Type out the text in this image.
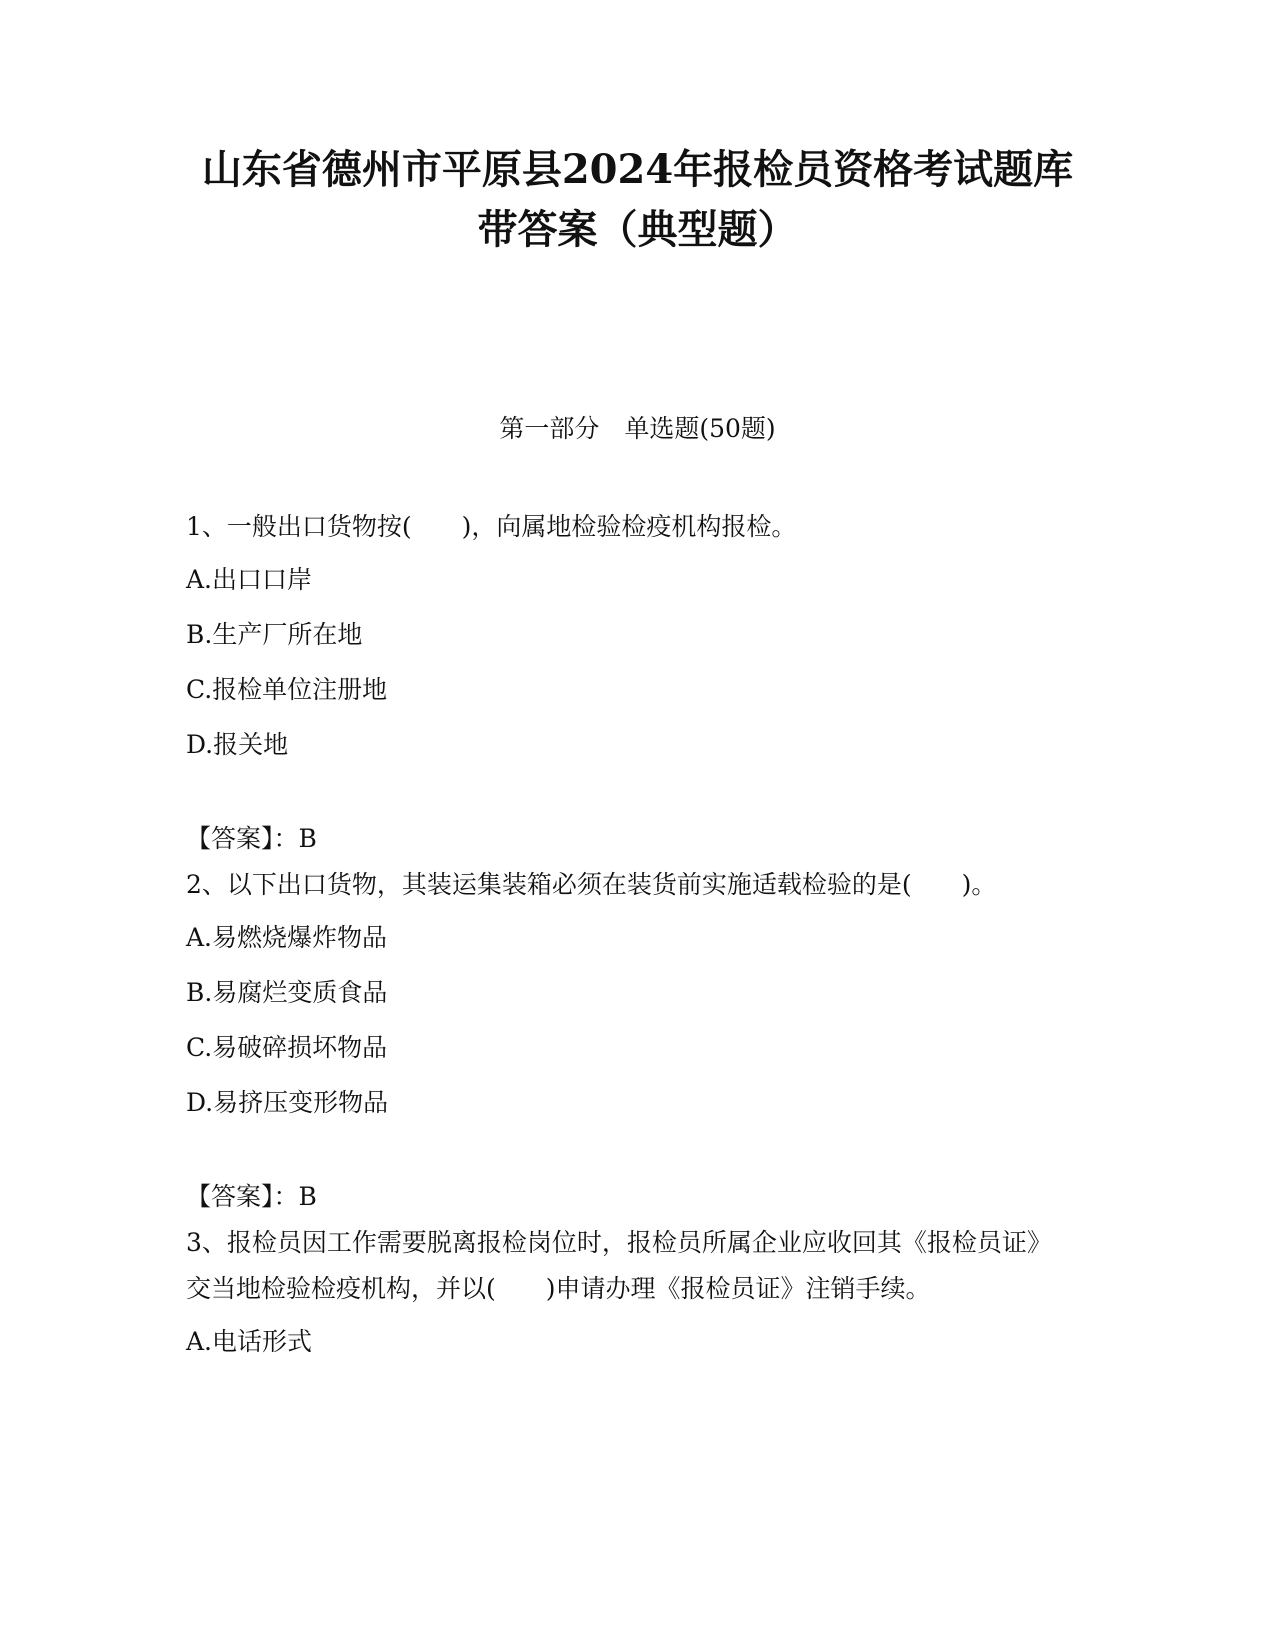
山东省德州市平原县2024年报检员资格考试题库
带答案（典型题）

第一部分　单选题(50题)

1、一般出口货物按(　　)，向属地检验检疫机构报检。

A.出口口岸

B.生产厂所在地

C.报检单位注册地

D.报关地

【答案】：B

2、以下出口货物，其装运集装箱必须在装货前实施适载检验的是(　　)。

A.易燃烧爆炸物品

B.易腐烂变质食品

C.易破碎损坏物品

D.易挤压变形物品

【答案】：B

3、报检员因工作需要脱离报检岗位时，报检员所属企业应收回其《报检员证》交当地检验检疫机构，并以(　　)申请办理《报检员证》注销手续。

A.电话形式
